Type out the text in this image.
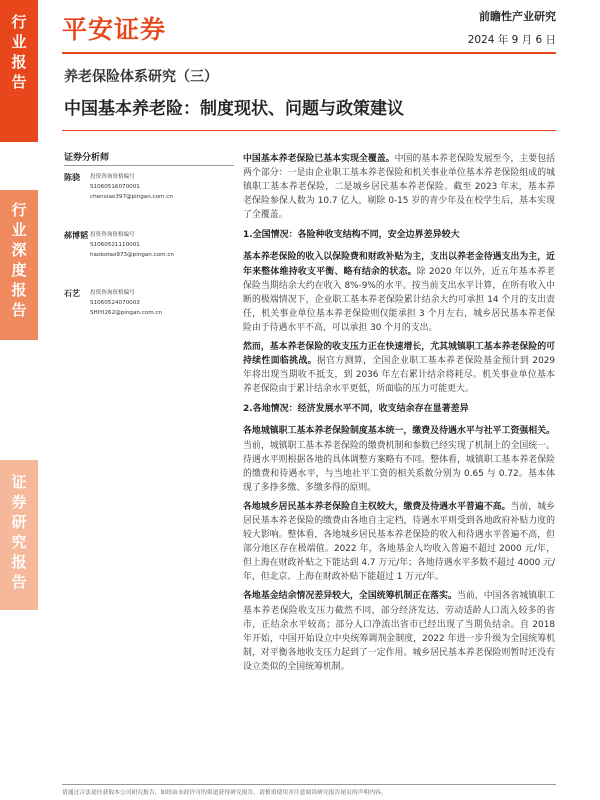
行
业
报
告
行
业
深
度
报
告
证
券
研
究
报
告
平安证券	前瞻性产业研究
2024 年 9 月 6 日
养老保险体系研究（三）
中国基本养老险：制度现状、问题与政策建议
证券分析师
陈骁 投资咨询资格编号
S1060516070001
chenxiao397@pingan.com.cn
郝博韬 投资咨询资格编号
S1060521110001
haobotao973@pingan.com.cn
石艺 投资咨询资格编号
S1060524070003
SHIYI262@pingan.com.cn

中国基本养老保险已基本实现全覆盖。中国的基本养老保险发展至今，主要包括两个部分：一是由企业职工基本养老保险和机关事业单位基本养老保险组成的城镇职工基本养老保险，二是城乡居民基本养老保险。截至 2023 年末，基本养老保险参保人数为 10.7 亿人，剔除 0-15 岁的青少年及在校学生后，基本实现了全覆盖。

1.全国情况：各险种收支结构不同，安全边界差异较大

基本养老保险的收入以保险费和财政补贴为主，支出以养老金待遇支出为主，近年来整体维持收支平衡、略有结余的状态。除 2020 年以外，近五年基本养老保险当期结余大约在收入 8%-9%的水平。按当前支出水平计算，在所有收入中断的极端情况下，企业职工基本养老保险累计结余大约可承担 14 个月的支出责任，机关事业单位基本养老保险则仅能承担 3 个月左右，城乡居民基本养老保险由于待遇水平不高，可以承担 30 个月的支出。

然而，基本养老保险的收支压力正在快速增长，尤其城镇职工基本养老保险的可持续性面临挑战。据官方测算，全国企业职工基本养老保险基金预计到 2029 年将出现当期收不抵支，到 2036 年左右累计结余将耗尽。机关事业单位基本养老保险由于累计结余水平更低，所面临的压力可能更大。

2.各地情况：经济发展水平不同，收支结余存在显著差异

各地城镇职工基本养老保险制度基本统一，缴费及待遇水平与社平工资强相关。当前，城镇职工基本养老保险的缴费机制和参数已经实现了机制上的全国统一。待遇水平则根据各地的具体调整方案略有不同。整体看，城镇职工基本养老保险的缴费和待遇水平，与当地社平工资的相关系数分别为 0.65 与 0.72。基本体现了多挣多缴、多缴多得的原则。

各地城乡居民基本养老保险自主权较大，缴费及待遇水平普遍不高。当前，城乡居民基本养老保险的缴费由各地自主定档，待遇水平则受到各地政府补贴力度的较大影响。整体看，各地城乡居民基本养老保险的收入和待遇水平普遍不高，但部分地区存在极端值。2022 年，各地基金人均收入普遍不超过 2000 元/年，但上海在财政补贴之下能达到 4.7 万元/年；各地待遇水平多数不超过 4000 元/年，但北京、上海在财政补贴下能超过 1 万元/年。

各地基金结余情况差异较大，全国统筹机制正在落实。当前，中国各省城镇职工基本养老保险收支压力截然不同，部分经济发达、劳动适龄人口流入较多的省市，正结余水平较高；部分人口净流出省市已经出现了当期负结余。自 2018 年开始，中国开始设立中央统筹调剂金制度，2022 年进一步升级为全国统筹机制，对平衡各地收支压力起到了一定作用。城乡居民基本养老保险则暂时还没有设立类似的全国统筹机制。

请通过合法途径获取本公司研究报告，如经由未经许可的渠道获得研究报告，请慎重使用并注意阅读研究报告尾页的声明内容。
